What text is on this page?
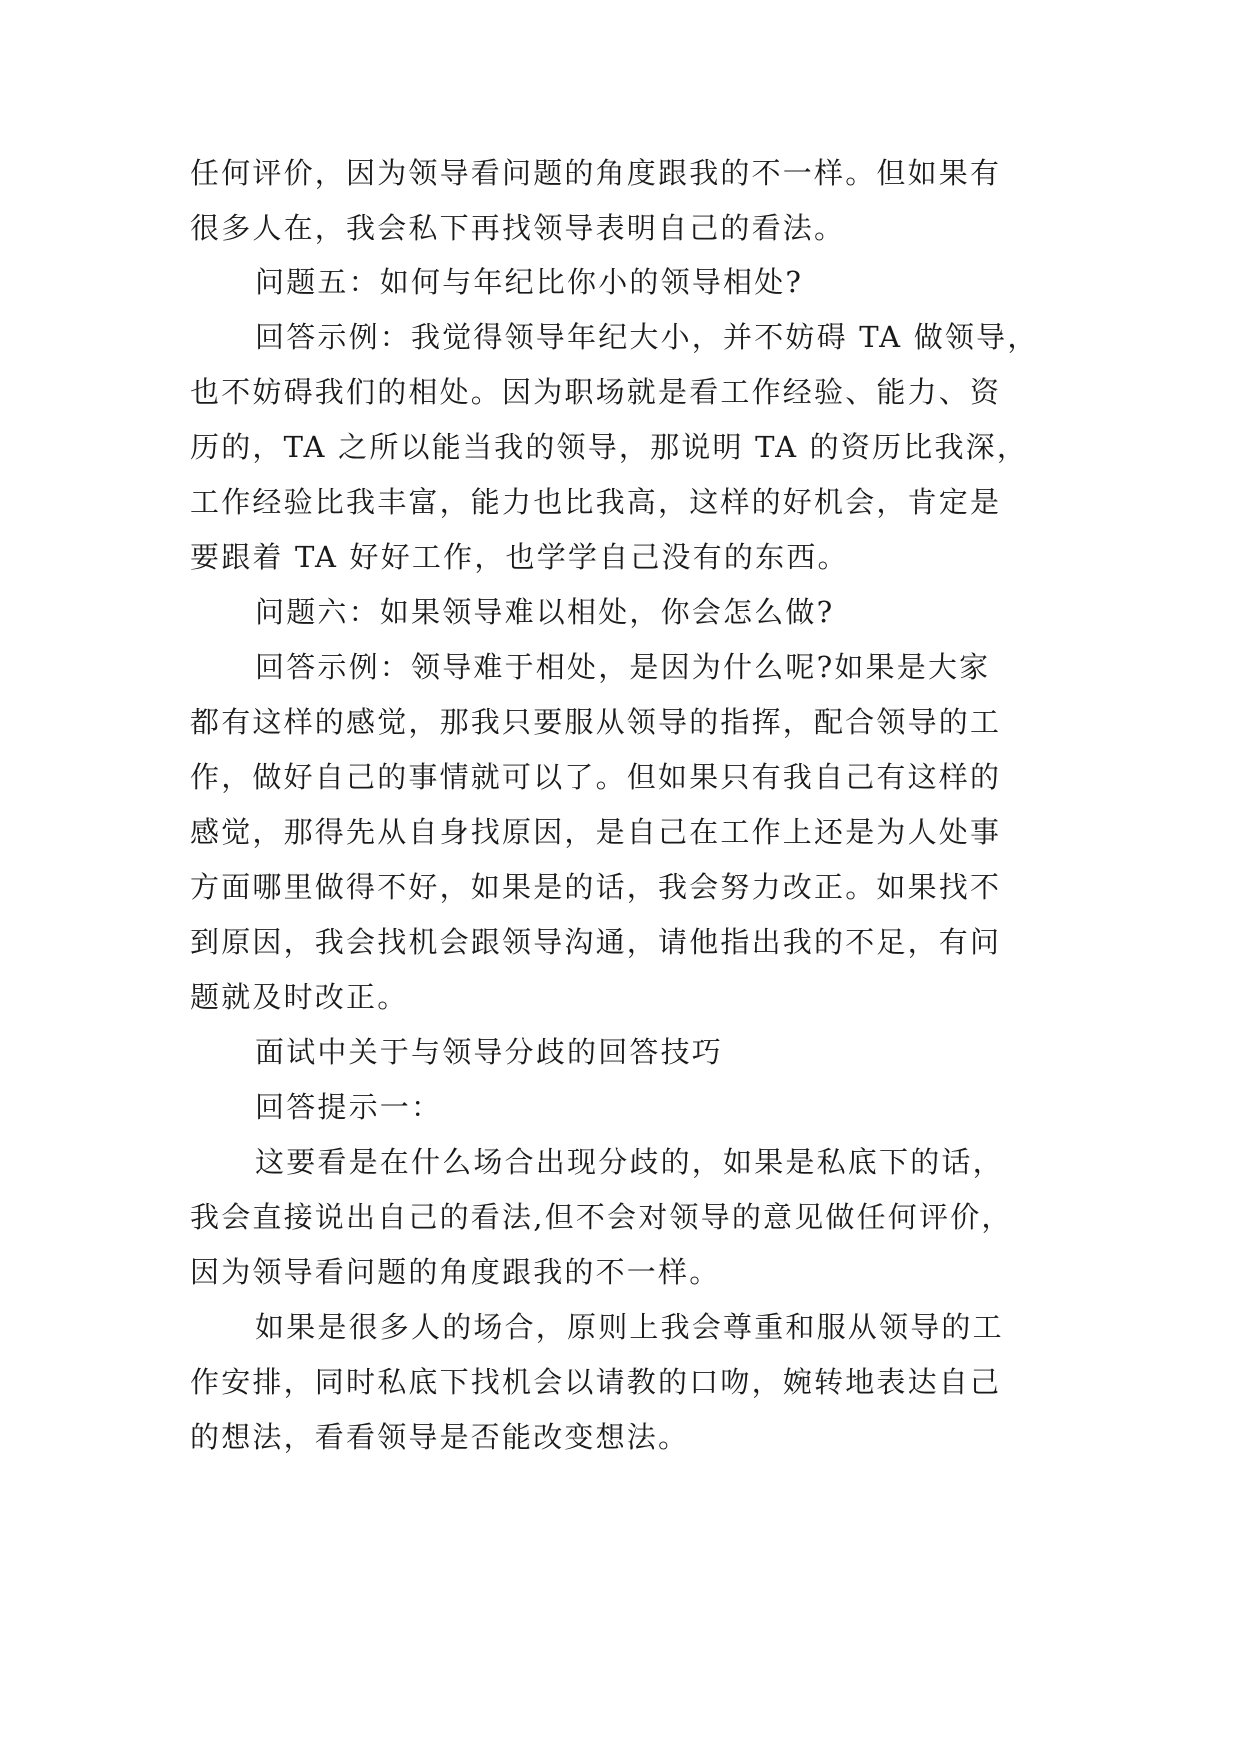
任何评价，因为领导看问题的角度跟我的不一样。但如果有

很多人在，我会私下再找领导表明自己的看法。

问题五：如何与年纪比你小的领导相处?

回答示例：我觉得领导年纪大小，并不妨碍 TA 做领导，

也不妨碍我们的相处。因为职场就是看工作经验、能力、资

历的，TA 之所以能当我的领导，那说明 TA 的资历比我深，

工作经验比我丰富，能力也比我高，这样的好机会，肯定是

要跟着 TA 好好工作，也学学自己没有的东西。

问题六：如果领导难以相处，你会怎么做?

回答示例：领导难于相处，是因为什么呢?如果是大家

都有这样的感觉，那我只要服从领导的指挥，配合领导的工

作，做好自己的事情就可以了。但如果只有我自己有这样的

感觉，那得先从自身找原因，是自己在工作上还是为人处事

方面哪里做得不好，如果是的话，我会努力改正。如果找不

到原因，我会找机会跟领导沟通，请他指出我的不足，有问

题就及时改正。

面试中关于与领导分歧的回答技巧

回答提示一：

这要看是在什么场合出现分歧的，如果是私底下的话，

我会直接说出自己的看法,但不会对领导的意见做任何评价，

因为领导看问题的角度跟我的不一样。

如果是很多人的场合，原则上我会尊重和服从领导的工

作安排，同时私底下找机会以请教的口吻，婉转地表达自己

的想法，看看领导是否能改变想法。
